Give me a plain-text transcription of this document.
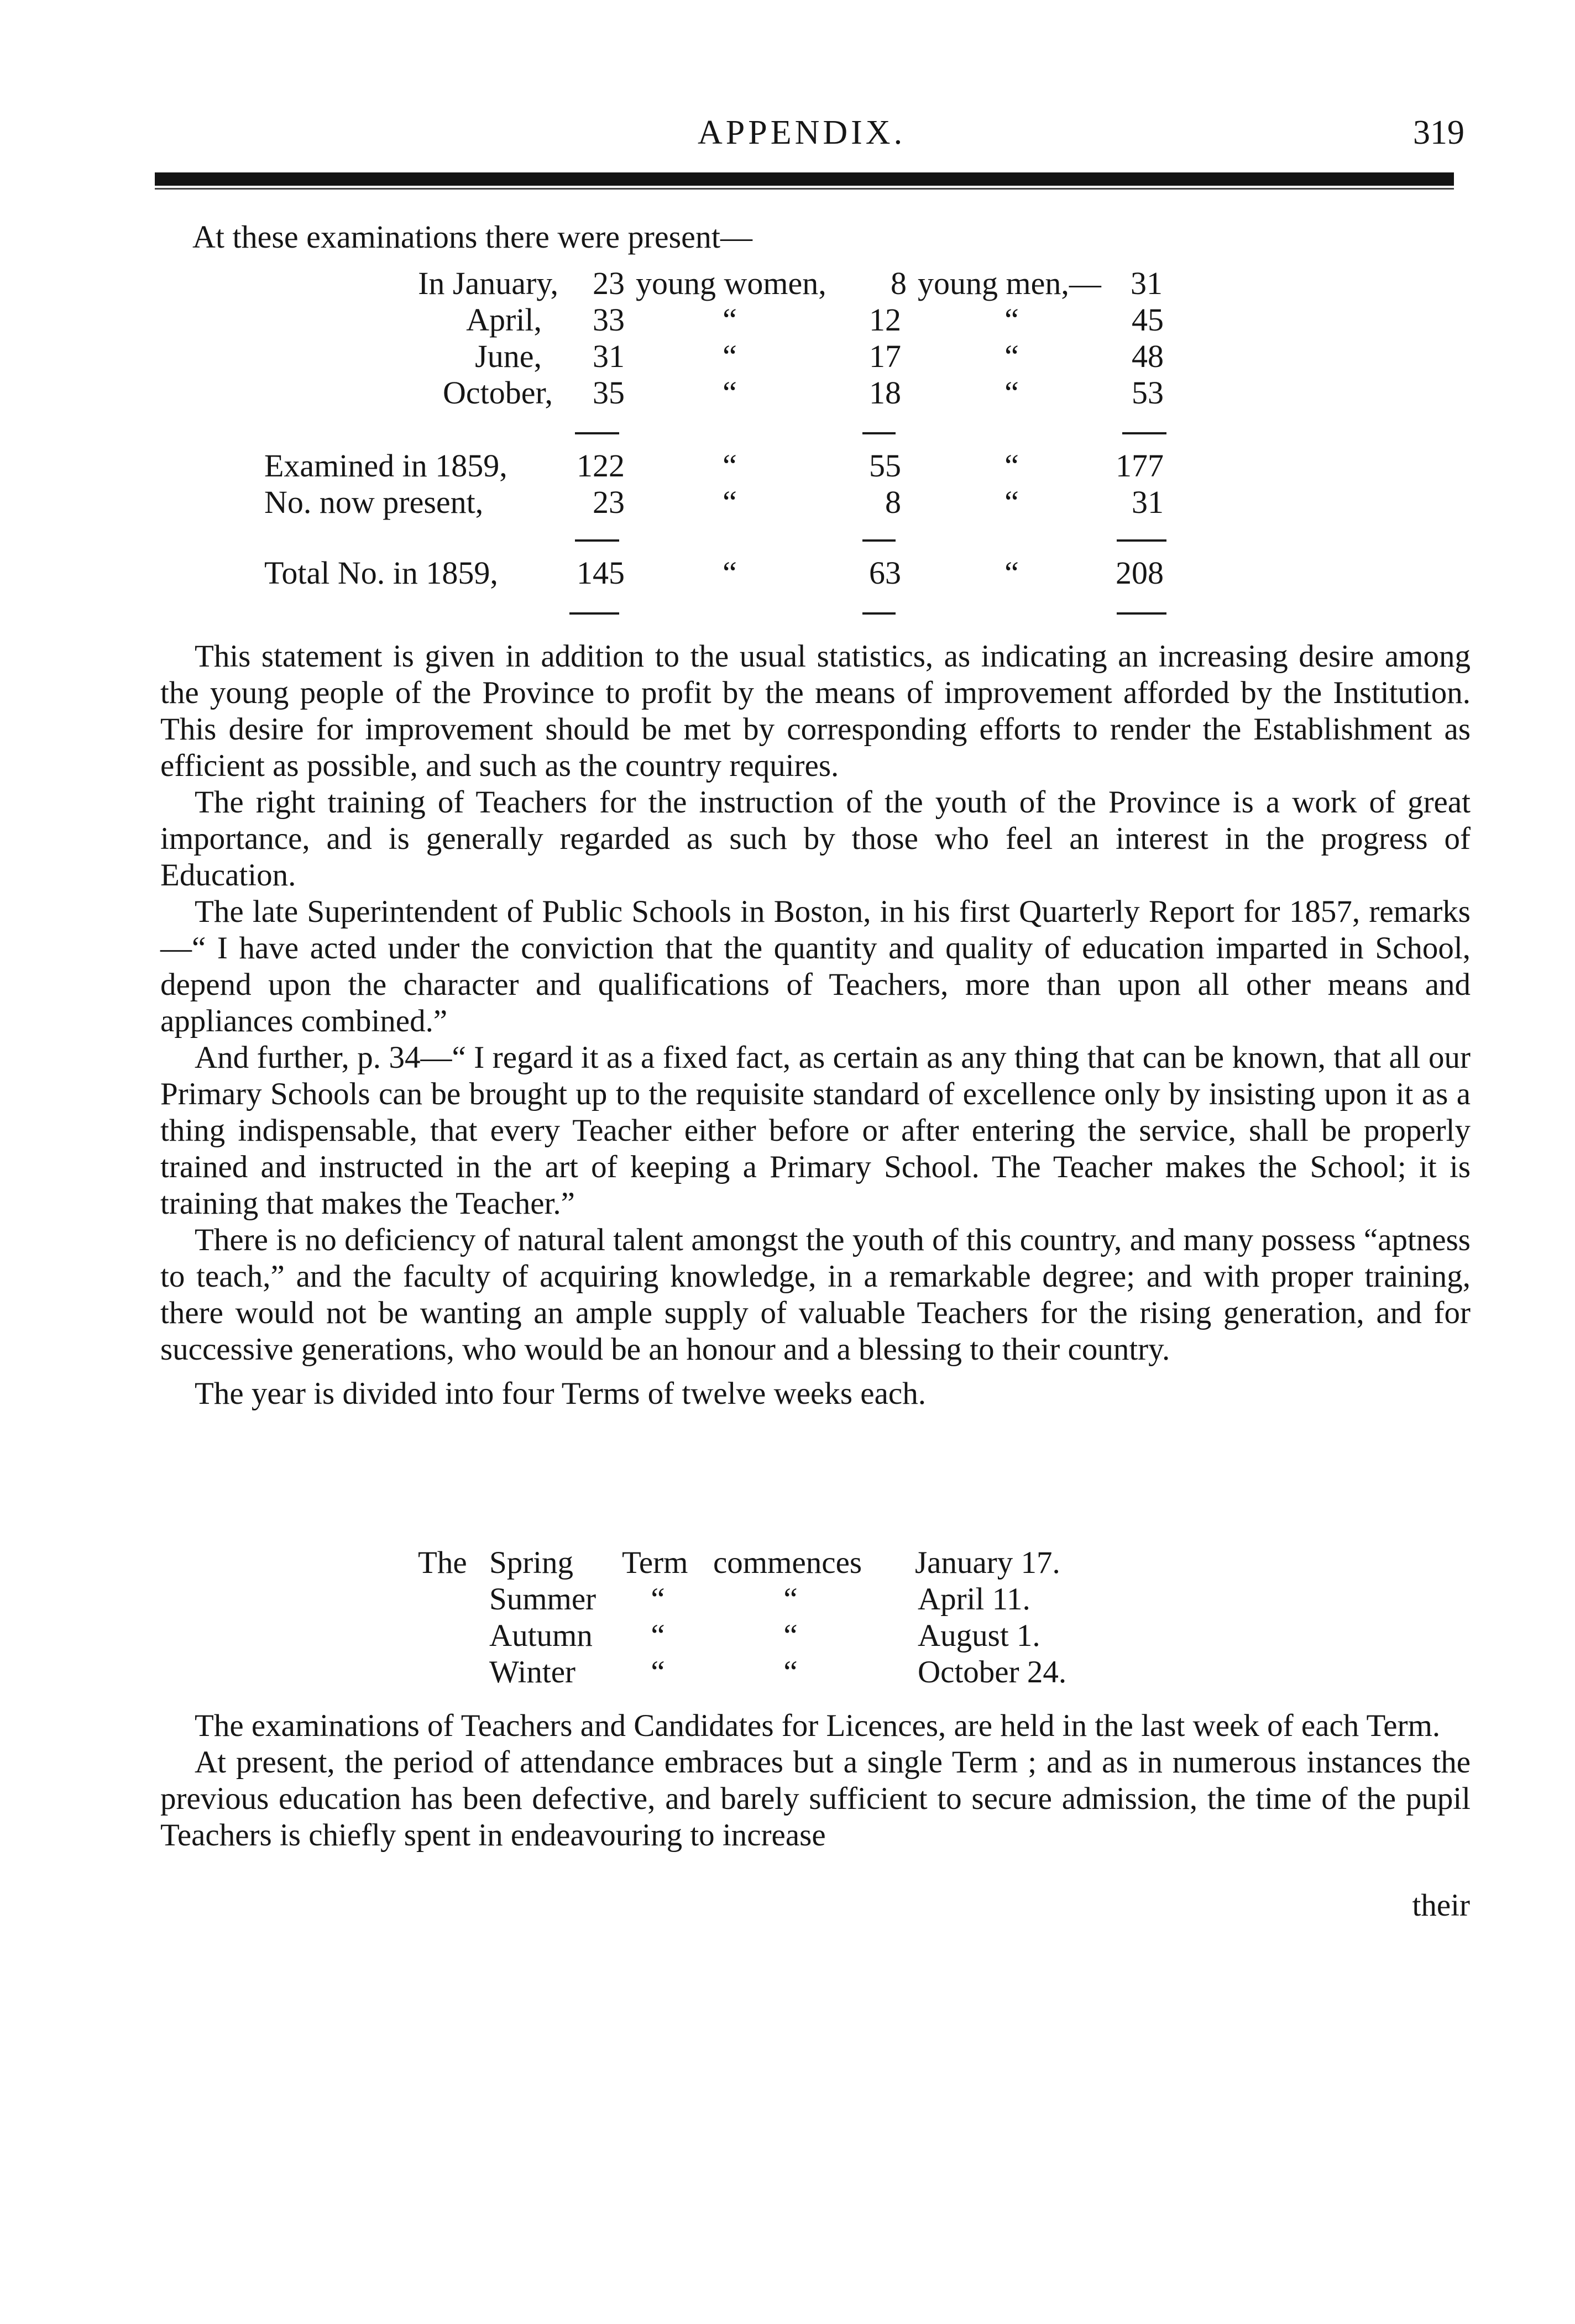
APPENDIX.	319
At these examinations there were present—
In January,	23 young women,	8 young men,— 31
April,	33	“	12	“	45
June,	31	“	17	“	48
October,	35	“	18	“	53
Examined in 1859, 122	“	55	“	177
No. now present,	23	“	8	“	31
Total No. in 1859, 145	“	63	“	208

This statement is given in addition to the usual statistics, as indicating an increasing desire among the young people of the Province to profit by the means of improvement afforded by the Institution. This desire for improvement should be met by corresponding efforts to render the Establishment as efficient as possible, and such as the country requires.

The right training of Teachers for the instruction of the youth of the Province is a work of great importance, and is generally regarded as such by those who feel an interest in the progress of Education.

The late Superintendent of Public Schools in Boston, in his first Quarterly Report for 1857, remarks—“ I have acted under the conviction that the quantity and quality of education imparted in School, depend upon the character and qualifications of Teachers, more than upon all other means and appliances combined.”

And further, p. 34—“ I regard it as a fixed fact, as certain as any thing that can be known, that all our Primary Schools can be brought up to the requisite standard of excellence only by insisting upon it as a thing indispensable, that every Teacher either before or after entering the service, shall be properly trained and instructed in the art of keeping a Primary School. The Teacher makes the School; it is training that makes the Teacher.”

There is no deficiency of natural talent amongst the youth of this country, and many possess “aptness to teach,” and the faculty of acquiring knowledge, in a remarkable degree; and with proper training, there would not be wanting an ample supply of valuable Teachers for the rising generation, and for successive generations, who would be an honour and a blessing to their country.

The year is divided into four Terms of twelve weeks each.

The Spring Term commences January 17.
Summer	“	“	April 11.
Autumn	“	“	August 1.
Winter	“	“	October 24.

The examinations of Teachers and Candidates for Licences, are held in the last week of each Term.

At present, the period of attendance embraces but a single Term ; and as in numerous instances the previous education has been defective, and barely sufficient to secure admission, the time of the pupil Teachers is chiefly spent in endeavouring to increase

their
